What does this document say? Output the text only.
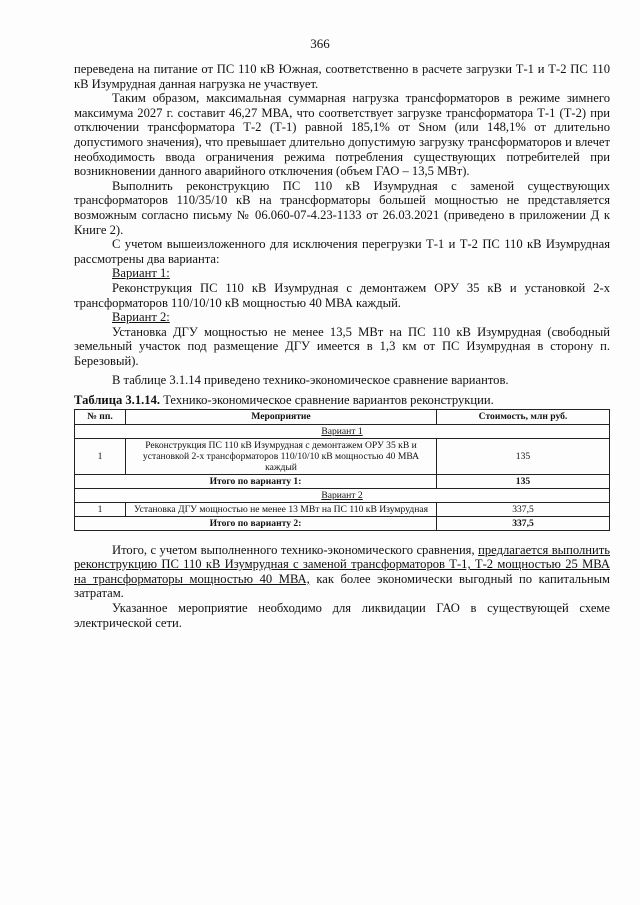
366

переведена на питание от ПС 110 кВ Южная, соответственно в расчете загрузки Т-1 и Т-2 ПС 110 кВ Изумрудная данная нагрузка не участвует.

Таким образом, максимальная суммарная нагрузка трансформаторов в режиме зимнего максимума 2027 г. составит 46,27 МВА, что соответствует загрузке трансформатора Т-1 (Т-2) при отключении трансформатора Т-2 (Т-1) равной 185,1% от Sном (или 148,1% от длительно допустимого значения), что превышает длительно допустимую загрузку трансформаторов и влечет необходимость ввода ограничения режима потребления существующих потребителей при возникновении данного аварийного отключения (объем ГАО – 13,5 МВт).

Выполнить реконструкцию ПС 110 кВ Изумрудная с заменой существующих трансформаторов 110/35/10 кВ на трансформаторы большей мощностью не представляется возможным согласно письму № 06.060-07-4.23-1133 от 26.03.2021 (приведено в приложении Д к Книге 2).

С учетом вышеизложенного для исключения перегрузки Т-1 и Т-2 ПС 110 кВ Изумрудная рассмотрены два варианта:

Вариант 1:

Реконструкция ПС 110 кВ Изумрудная с демонтажем ОРУ 35 кВ и установкой 2-х трансформаторов 110/10/10 кВ мощностью 40 МВА каждый.

Вариант 2:

Установка ДГУ мощностью не менее 13,5 МВт на ПС 110 кВ Изумрудная (свободный земельный участок под размещение ДГУ имеется в 1,3 км от ПС Изумрудная в сторону п. Березовый).

В таблице 3.1.14 приведено технико-экономическое сравнение вариантов.

Таблица 3.1.14. Технико-экономическое сравнение вариантов реконструкции.
№ пп.	Мероприятие	Стоимость, млн руб.
Вариант 1		
1	Реконструкция ПС 110 кВ Изумрудная с демонтажем ОРУ 35 кВ и установкой 2-х трансформаторов 110/10/10 кВ мощностью 40 МВА каждый	135
Итого по варианту 1:		135
Вариант 2		
1	Установка ДГУ мощностью не менее 13 МВт на ПС 110 кВ Изумрудная	337,5
Итого по варианту 2:		337,5

Итого, с учетом выполненного технико-экономического сравнения, предлагается выполнить реконструкцию ПС 110 кВ Изумрудная с заменой трансформаторов Т-1, Т-2 мощностью 25 МВА на трансформаторы мощностью 40 МВА, как более экономически выгодный по капитальным затратам.

Указанное мероприятие необходимо для ликвидации ГАО в существующей схеме электрической сети.
